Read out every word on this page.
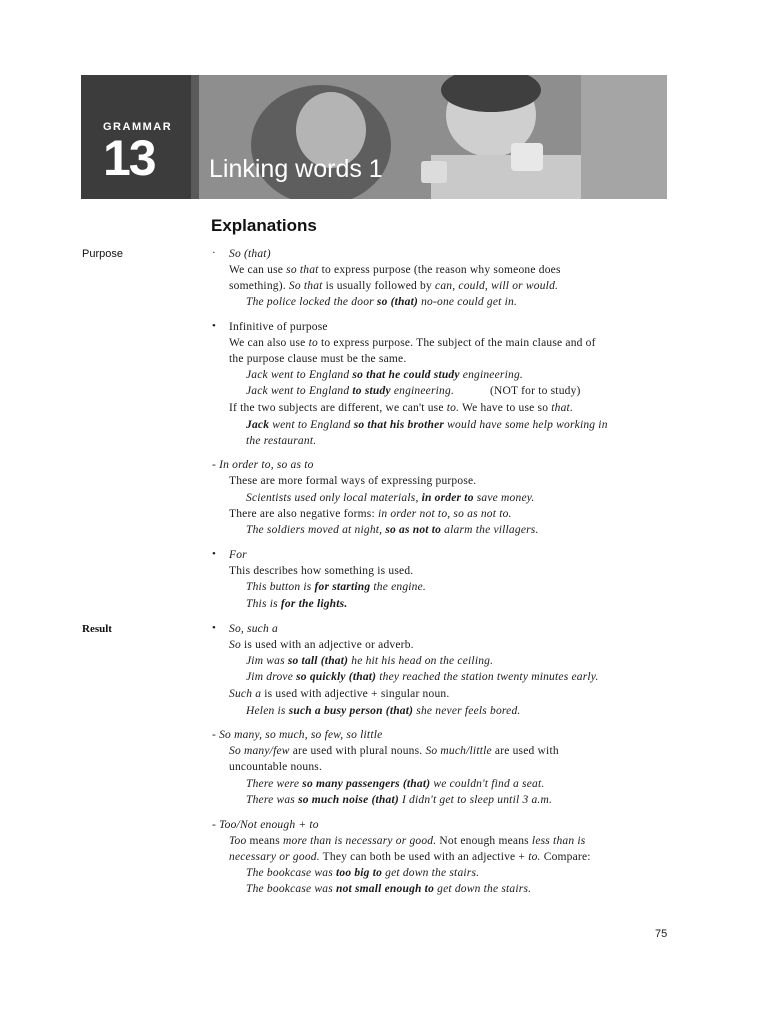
GRAMMAR
13 Linking words 1
Explanations
Purpose
Result
· So (that)
We can use so that to express purpose (the reason why someone does
something). So that is usually followed by can, could, will or would.
The police locked the door so (that) no-one could get in.
• Infinitive of purpose
We can also use to to express purpose. The subject of the main clause and of
the purpose clause must be the same.
Jack went to England so that he could study engineering.
Jack went to England to study engineering.	(NOT for to study)
If the two subjects are different, we can't use to. We have to use so that.
Jack went to England so that his brother would have some help working in
the restaurant.
- In order to, so as to
These are more formal ways of expressing purpose.
Scientists used only local materials, in order to save money.
There are also negative forms: in order not to, so as not to.
The soldiers moved at night, so as not to alarm the villagers.
• For
This describes how something is used.
This button is for starting the engine.
This is for the lights.
• So, such a
So is used with an adjective or adverb.
Jim was so tall (that) he hit his head on the ceiling.
Jim drove so quickly (that) they reached the station twenty minutes early.
Such a is used with adjective + singular noun.
Helen is such a busy person (that) she never feels bored.
- So many, so much, so few, so little
So many/few are used with plural nouns. So much/little are used with
uncountable nouns.
There were so many passengers (that) we couldn't find a seat.
There was so much noise (that) I didn't get to sleep until 3 a.m.
- Too/Not enough + to
Too means more than is necessary or good. Not enough means less than is
necessary or good. They can both be used with an adjective + to. Compare:
The bookcase was too big to get down the stairs.
The bookcase was not small enough to get down the stairs.
75
